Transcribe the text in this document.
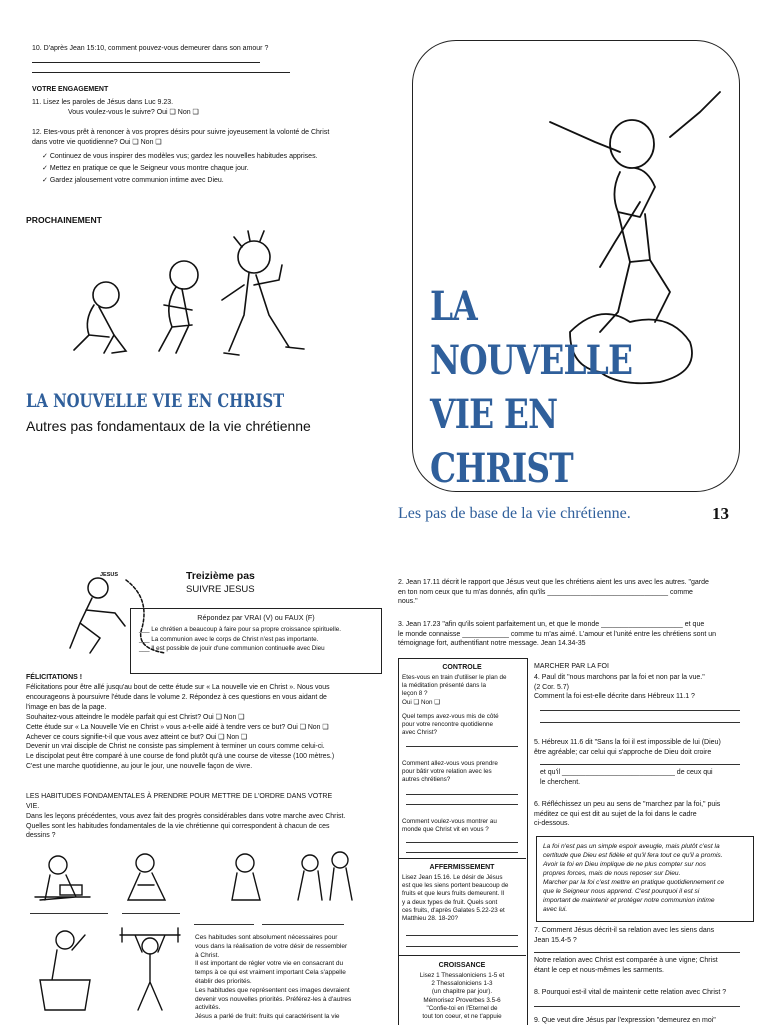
10. D'après Jean 15:10, comment pouvez-vous demeurer dans son amour ?
VOTRE ENGAGEMENT
11. Lisez les paroles de Jésus dans Luc 9.23.
Vous voulez-vous le suivre? Oui ❑ Non ❑
12. Etes-vous prêt à renoncer à vos propres désirs pour suivre joyeusement la volonté de Christ
dans votre vie quotidienne? Oui ❑ Non ❑
✓ Continuez de vous inspirer des modèles vus; gardez les nouvelles habitudes apprises.
✓ Mettez en pratique ce que le Seigneur vous montre chaque jour.
✓ Gardez jalousement votre communion intime avec Dieu.
PROCHAINEMENT
LA NOUVELLE VIE EN CHRIST
Autres pas fondamentaux de la vie chrétienne
LA
NOUVELLE
VIE EN CHRIST
Les pas de base de la vie chrétienne.	13
JESUS	Treizième pas
SUIVRE JESUS
Répondez par VRAI (V) ou FAUX (F)
___ Le chrétien a beaucoup à faire pour sa propre croissance spirituelle.
___ La communion avec le corps de Christ n'est pas importante.
___ Il est possible de jouir d'une communion continuelle avec Dieu
FÉLICITATIONS !
Félicitations pour être allé jusqu'au bout de cette étude sur « La nouvelle vie en Christ ». Nous vous
encourageons à poursuivre l'étude dans le volume 2. Répondez à ces questions en vous aidant de
l'image en bas de la page.
Souhaitez-vous atteindre le modèle parfait qui est Christ? Oui ❑ Non ❑
Cette étude sur « La Nouvelle Vie en Christ » vous a-t-elle aidé à tendre vers ce but? Oui ❑ Non ❑
Achever ce cours signifie-t-il que vous avez atteint ce but? Oui ❑ Non ❑
Devenir un vrai disciple de Christ ne consiste pas simplement à terminer un cours comme celui-ci.
Le discipolat peut être comparé à une course de fond plutôt qu'à une course de vitesse (100 mètres.)
C'est une marche quotidienne, au jour le jour, une nouvelle façon de vivre.
LES HABITUDES FONDAMENTALES À PRENDRE POUR METTRE DE L'ORDRE DANS VOTRE
VIE.
Dans les leçons précédentes, vous avez fait des progrès considérables dans votre marche avec Christ.
Quelles sont les habitudes fondamentales de la vie chrétienne qui correspondent à chacun de ces
dessins ?
Ces habitudes sont absolument nécessaires pour
vous dans la réalisation de votre désir de ressembler
à Christ.
Il est important de régler votre vie en consacrant du
temps à ce qui est vraiment important Cela s'appelle
établir des priorités.
Les habitudes que représentent ces images devraient
devenir vos nouvelles priorités. Préférez-les à d'autres
activités.
Jésus a parlé de fruit: fruits qui caractérisent la vie
2. Jean 17.11 décrit le rapport que Jésus veut que les chrétiens aient les uns avec les autres. "garde
en ton nom ceux que tu m'as donnés, afin qu'ils _______________________________ comme
nous."
3. Jean 17.23 "afin qu'ils soient parfaitement un, et que le monde _____________________ et que
le monde connaisse ____________ comme tu m'as aimé. L'amour et l'unité entre les chrétiens sont un
témoignage fort, authentifiant notre message. Jean 14.34-35
CONTROLE
Etes-vous en train d'utiliser le plan de
la méditation présenté dans la
leçon 8 ?
Oui ❑ Non ❑
Quel temps avez-vous mis de côté
pour votre rencontre quotidienne
avec Christ?
Comment allez-vous vous prendre
pour bâtir votre relation avec les
autres chrétiens?
Comment voulez-vous montrer au
monde que Christ vit en vous ?
AFFERMISSEMENT
Lisez Jean 15.16. Le désir de Jésus
est que les siens portent beaucoup de
fruits et que leurs fruits demeurent. Il
y a deux types de fruit. Quels sont
ces fruits, d'après Galates 5.22-23 et
Matthieu 28. 18-20?
CROISSANCE
Lisez 1 Thessaloniciens 1-5 et
2 Thessaloniciens 1-3
(un chapitre par jour).
Mémorisez Proverbes 3.5-6
"Confie-toi en l'Eternel de
tout ton coeur, et ne t'appuie
MARCHER PAR LA FOI
4. Paul dit "nous marchons par la foi et non par la vue."
(2 Cor. 5.7)
Comment la foi est-elle décrite dans Hébreux 11.1 ?
5. Hébreux 11.6 dit "Sans la foi il est impossible de lui (Dieu)
être agréable; car celui qui s'approche de Dieu doit croire
et qu'il _____________________________ de ceux qui
le cherchent.
6. Réfléchissez un peu au sens de "marchez par la foi," puis
méditez ce qui est dit au sujet de la foi dans le cadre
ci-dessous.
La foi n'est pas un simple espoir aveugle, mais plutôt c'est la
certitude que Dieu est fidèle et qu'il fera tout ce qu'il a promis.
Avoir la foi en Dieu implique de ne plus compter sur nos
propres forces, mais de nous reposer sur Dieu.
Marcher par la foi c'est mettre en pratique quotidiennement ce
que le Seigneur nous apprend. C'est pourquoi il est si
important de maintenir et protéger notre communion intime
avec lui.
7. Comment Jésus décrit-il sa relation avec les siens dans
Jean 15.4-5 ?
Notre relation avec Christ est comparée à une vigne; Christ
étant le cep et nous-mêmes les sarments.
8. Pourquoi est-il vital de maintenir cette relation avec Christ ?
9. Que veut dire Jésus par l'expression "demeurez en moi"
